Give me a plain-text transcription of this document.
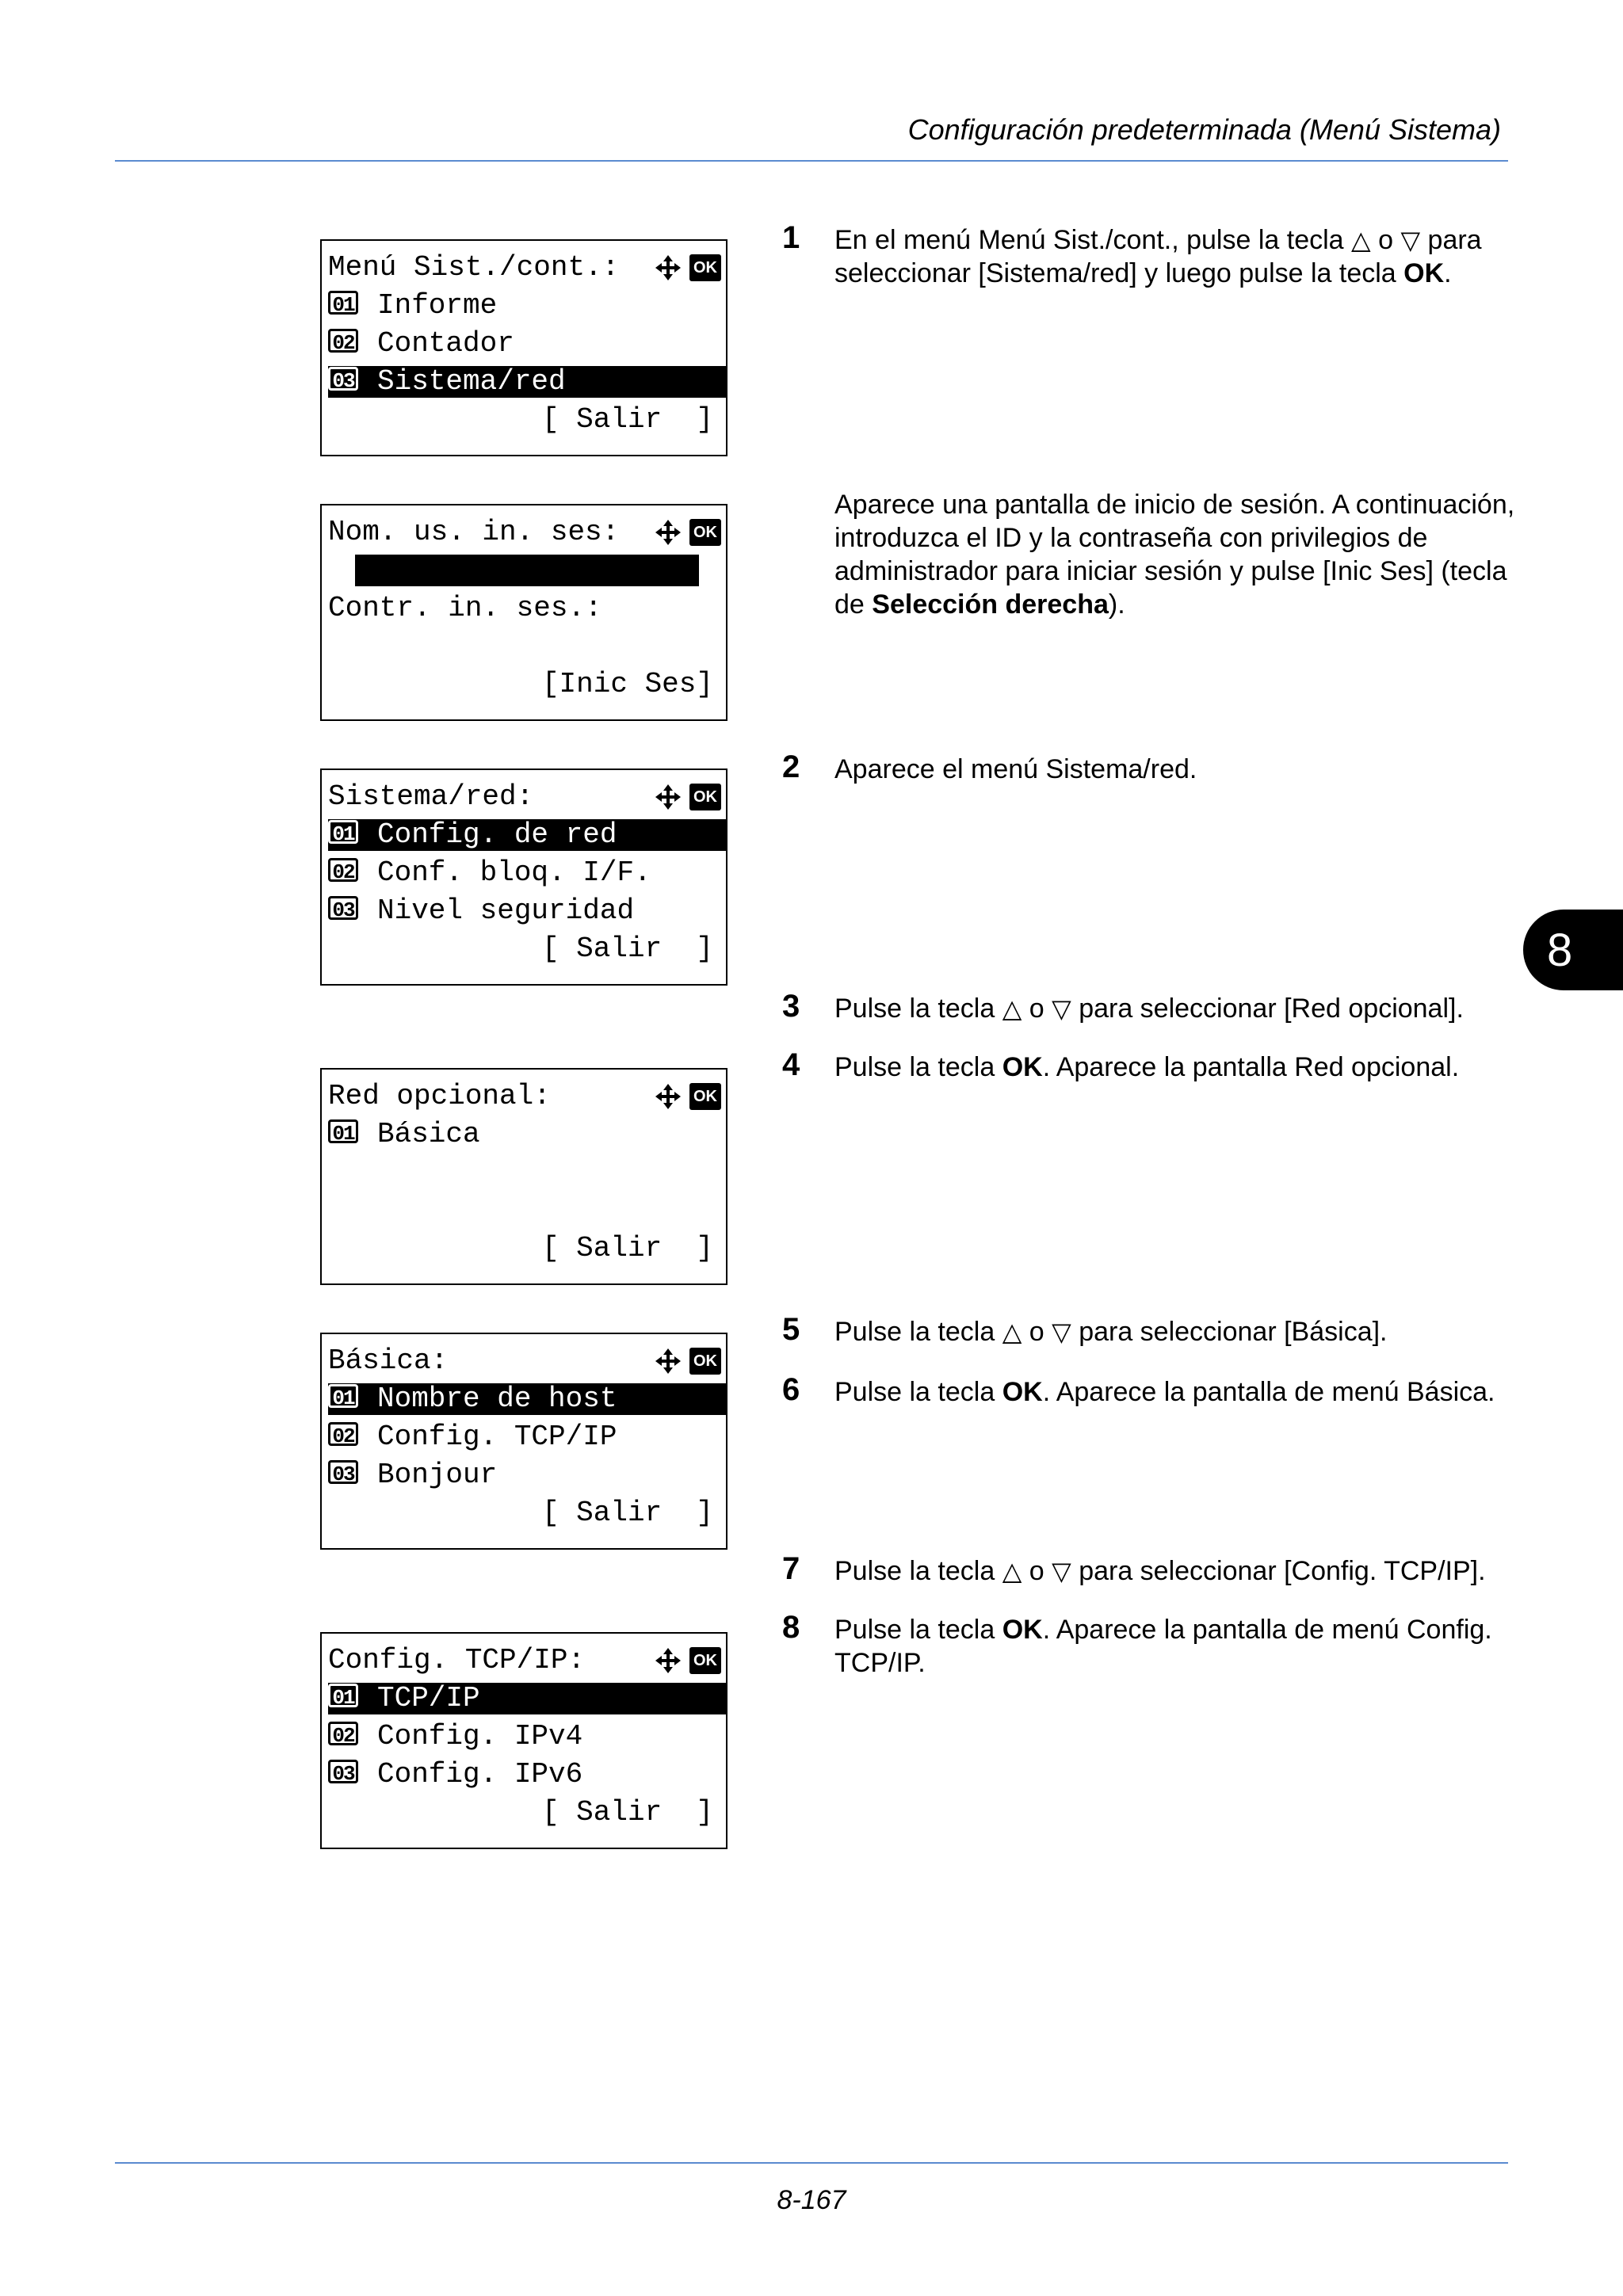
Configuración predeterminada (Menú Sistema)
8-167
8
Menú Sist./cont.:	OK
01 Informe
02 Contador
03 Sistema/red
[ Salir  ]
Nom. us. in. ses:	OK
Contr. in. ses.:
[Inic Ses]
Sistema/red:	OK
01 Config. de red
02 Conf. bloq. I/F.
03 Nivel seguridad
[ Salir  ]
Red opcional:	OK
01 Básica
[ Salir  ]
Básica:	OK
01 Nombre de host
02 Config. TCP/IP
03 Bonjour
[ Salir  ]
Config. TCP/IP:	OK
01 TCP/IP
02 Config. IPv4
03 Config. IPv6
[ Salir  ]
1 En el menú Menú Sist./cont., pulse la tecla △ o ▽ para seleccionar [Sistema/red] y luego pulse la tecla OK.
Aparece una pantalla de inicio de sesión. A continuación, introduzca el ID y la contraseña con privilegios de administrador para iniciar sesión y pulse [Inic Ses] (tecla de Selección derecha).
2 Aparece el menú Sistema/red.
3 Pulse la tecla △ o ▽ para seleccionar [Red opcional].
4 Pulse la tecla OK. Aparece la pantalla Red opcional.
5 Pulse la tecla △ o ▽ para seleccionar [Básica].
6 Pulse la tecla OK. Aparece la pantalla de menú Básica.
7 Pulse la tecla △ o ▽ para seleccionar [Config. TCP/IP].
8 Pulse la tecla OK. Aparece la pantalla de menú Config. TCP/IP.
